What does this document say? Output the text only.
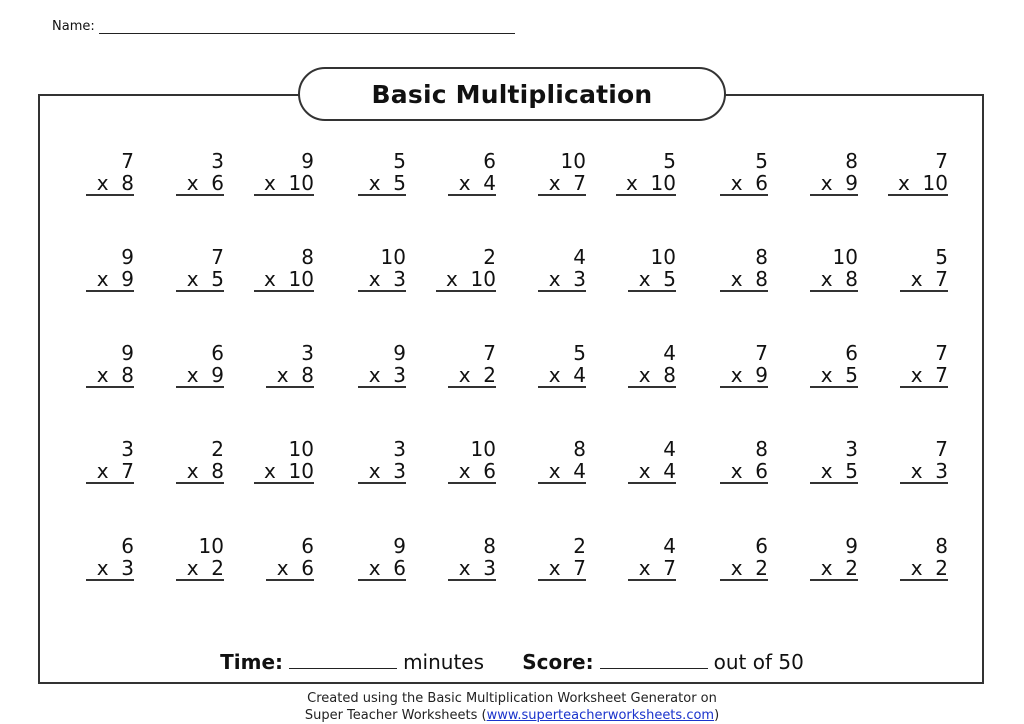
Name:
Basic Multiplication
7
x  8
3
x  6
9
x  10
5
x  5
6
x  4
10
x  7
5
x  10
5
x  6
8
x  9
7
x  10
9
x  9
7
x  5
8
x  10
10
x  3
2
x  10
4
x  3
10
x  5
8
x  8
10
x  8
5
x  7
9
x  8
6
x  9
3
x  8
9
x  3
7
x  2
5
x  4
4
x  8
7
x  9
6
x  5
7
x  7
3
x  7
2
x  8
10
x  10
3
x  3
10
x  6
8
x  4
4
x  4
8
x  6
3
x  5
7
x  3
6
x  3
10
x  2
6
x  6
9
x  6
8
x  3
2
x  7
4
x  7
6
x  2
9
x  2
8
x  2
Time:	minutes Score:	out of 50
Created using the Basic Multiplication Worksheet Generator on
Super Teacher Worksheets (www.superteacherworksheets.com)
